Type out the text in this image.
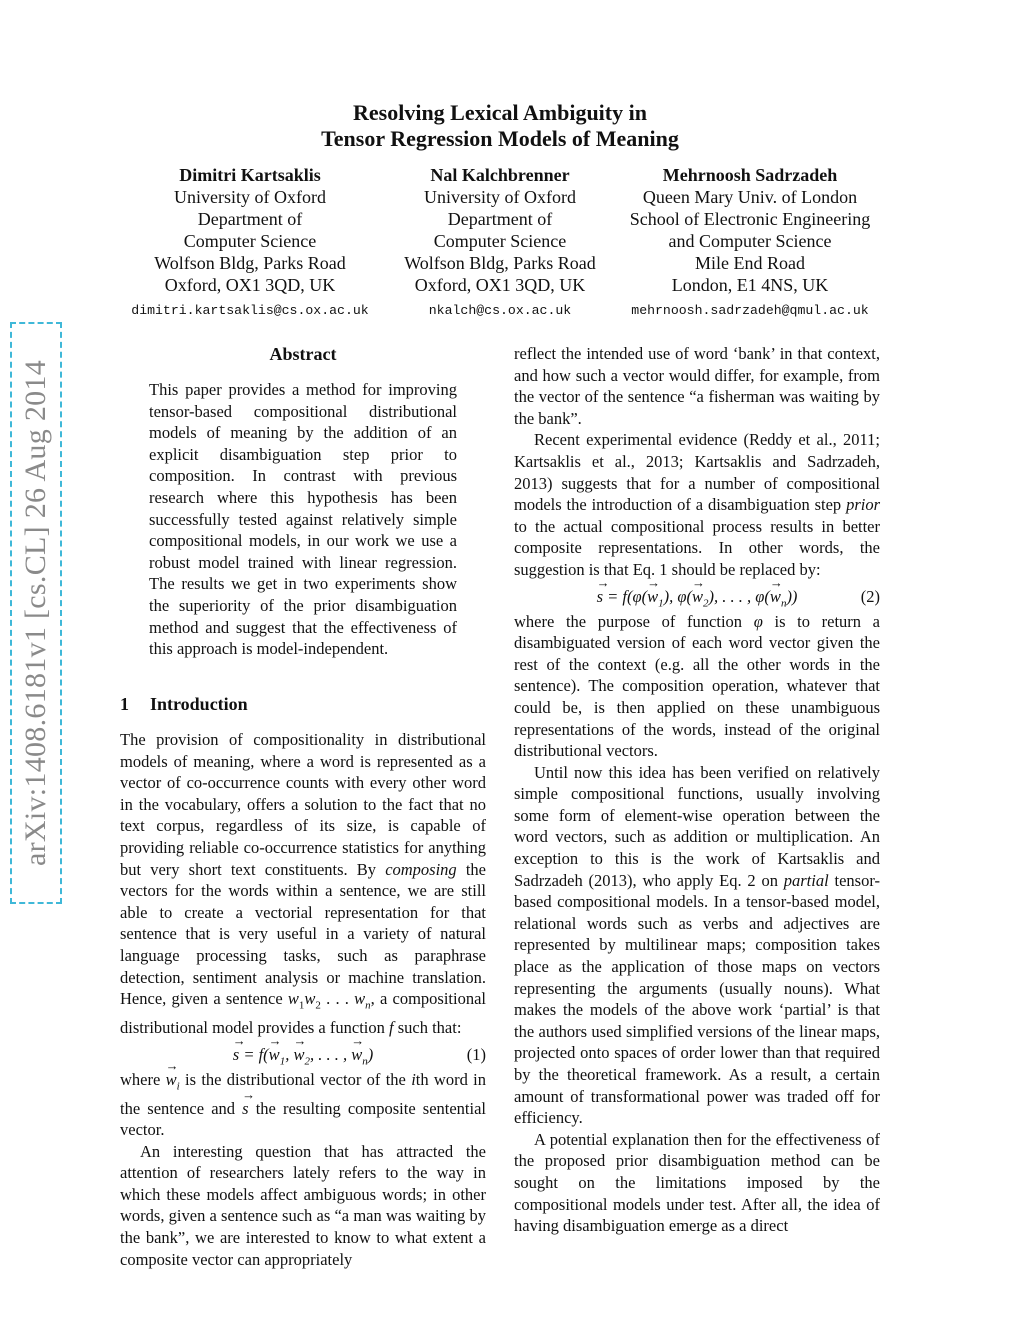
arXiv:1408.6181v1 [cs.CL] 26 Aug 2014
Resolving Lexical Ambiguity in
Tensor Regression Models of Meaning
Dimitri Kartsaklis
University of Oxford
Department of
Computer Science
Wolfson Bldg, Parks Road
Oxford, OX1 3QD, UK
dimitri.kartsaklis@cs.ox.ac.uk
Nal Kalchbrenner
University of Oxford
Department of
Computer Science
Wolfson Bldg, Parks Road
Oxford, OX1 3QD, UK
nkalch@cs.ox.ac.uk
Mehrnoosh Sadrzadeh
Queen Mary Univ. of London
School of Electronic Engineering
and Computer Science
Mile End Road
London, E1 4NS, UK
mehrnoosh.sadrzadeh@qmul.ac.uk
Abstract
This paper provides a method for improving tensor-based compositional distributional models of meaning by the addition of an explicit disambiguation step prior to composition. In contrast with previous research where this hypothesis has been successfully tested against relatively simple compositional models, in our work we use a robust model trained with linear regression. The results we get in two experiments show the superiority of the prior disambiguation method and suggest that the effectiveness of this approach is model-independent.
1 Introduction

The provision of compositionality in distributional models of meaning, where a word is represented as a vector of co-occurrence counts with every other word in the vocabulary, offers a solution to the fact that no text corpus, regardless of its size, is capable of providing reliable co-occurrence statistics for anything but very short text constituents. By composing the vectors for the words within a sentence, we are still able to create a vectorial representation for that sentence that is very useful in a variety of natural language processing tasks, such as paraphrase detection, sentiment analysis or machine translation. Hence, given a sentence $w_1w_2$ . . . $w_n$, a compositional distributional model provides a function f such that:

→ $s = f(\to w_1$, → $w_2$, . . . , → $w_n$)	(1)

where → $w_i$ is the distributional vector of the ith word in the sentence and → s the resulting composite sentential vector.

An interesting question that has attracted the attention of researchers lately refers to the way in which these models affect ambiguous words; in other words, given a sentence such as “a man was waiting by the bank”, we are interested to know to what extent a composite vector can appropriately

reflect the intended use of word ‘bank’ in that context, and how such a vector would differ, for example, from the vector of the sentence “a fisherman was waiting by the bank”.

Recent experimental evidence (Reddy et al., 2011; Kartsaklis et al., 2013; Kartsaklis and Sadrzadeh, 2013) suggests that for a number of compositional models the introduction of a disambiguation step prior to the actual compositional process results in better composite representations. In other words, the suggestion is that Eq. 1 should be replaced by:

→ $s = f(\varphi(\to w_1)$, $\varphi(\to w_2)$, . . . , $\varphi(\to w_n)$)	(2)

where the purpose of function φ is to return a disambiguated version of each word vector given the rest of the context (e.g. all the other words in the sentence). The composition operation, whatever that could be, is then applied on these unambiguous representations of the words, instead of the original distributional vectors.

Until now this idea has been verified on relatively simple compositional functions, usually involving some form of element-wise operation between the word vectors, such as addition or multiplication. An exception to this is the work of Kartsaklis and Sadrzadeh (2013), who apply Eq. 2 on partial tensor-based compositional models. In a tensor-based model, relational words such as verbs and adjectives are represented by multilinear maps; composition takes place as the application of those maps on vectors representing the arguments (usually nouns). What makes the models of the above work ‘partial’ is that the authors used simplified versions of the linear maps, projected onto spaces of order lower than that required by the theoretical framework. As a result, a certain amount of transformational power was traded off for efficiency.

A potential explanation then for the effectiveness of the proposed prior disambiguation method can be sought on the limitations imposed by the compositional models under test. After all, the idea of having disambiguation emerge as a direct
